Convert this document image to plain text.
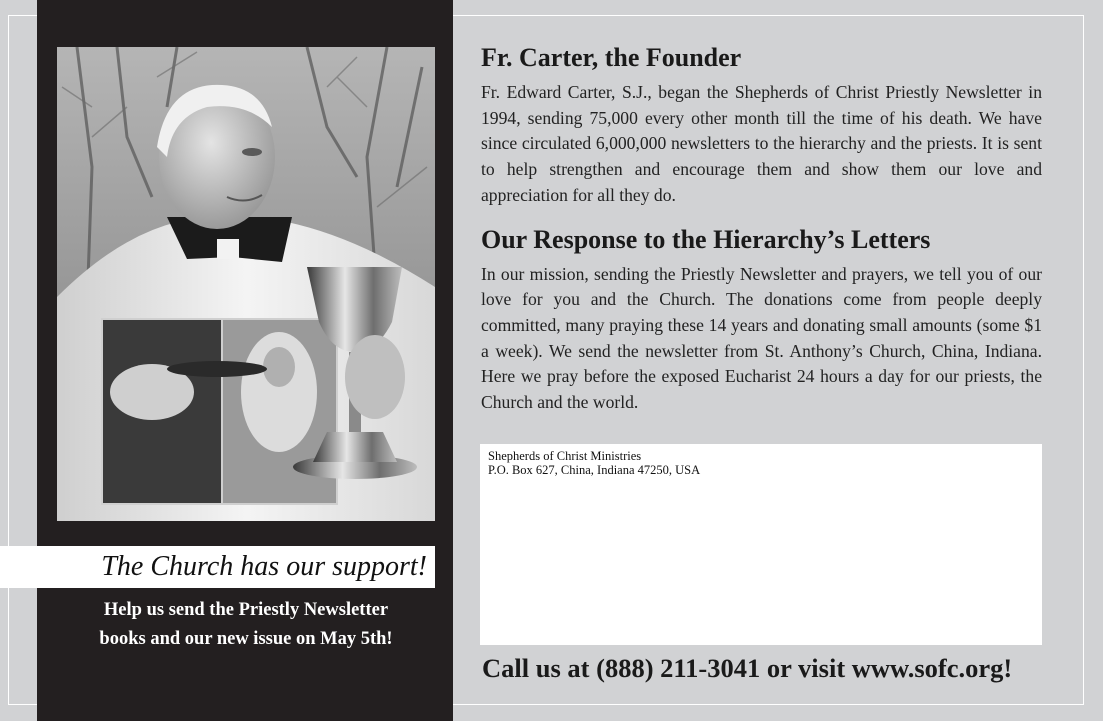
The Church has our support!
Help us send the Priestly Newsletter
books and our new issue on May 5th!
Fr. Carter, the Founder

Fr. Edward Carter, S.J., began the Shepherds of Christ Priestly Newsletter in 1994, sending 75,000 every other month till the time of his death. We have since circulated 6,000,000 newsletters to the hierarchy and the priests. It is sent to help strengthen and encourage them and show them our love and appreciation for all they do.

Our Response to the Hierarchy’s Letters

In our mission, sending the Priestly Newsletter and prayers, we tell you of our love for you and the Church. The donations come from people deeply committed, many praying these 14 years and donating small amounts (some $1 a week). We send the newsletter from St. Anthony’s Church, China, Indiana. Here we pray before the exposed Eucharist 24 hours a day for our priests, the Church and the world.

Shepherds of Christ Ministries
P.O. Box 627, China, Indiana 47250, USA
Call us at (888) 211-3041 or visit www.sofc.org!
